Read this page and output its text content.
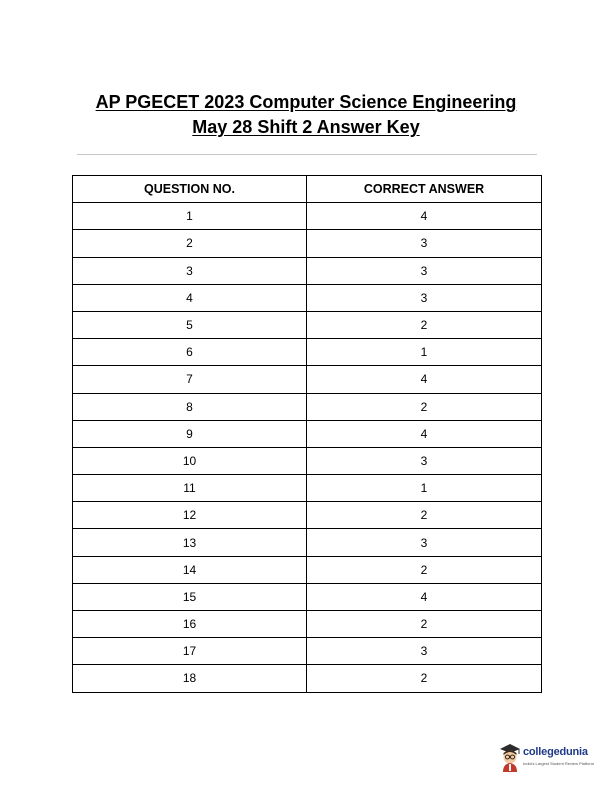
AP PGECET 2023 Computer Science Engineering
May 28 Shift 2 Answer Key
QUESTION NO.	CORRECT ANSWER
1	4
2	3
3	3
4	3
5	2
6	1
7	4
8	2
9	4
10	3
11	1
12	2
13	3
14	2
15	4
16	2
17	3
18	2
collegedunia
India's Largest Student Review Platform
